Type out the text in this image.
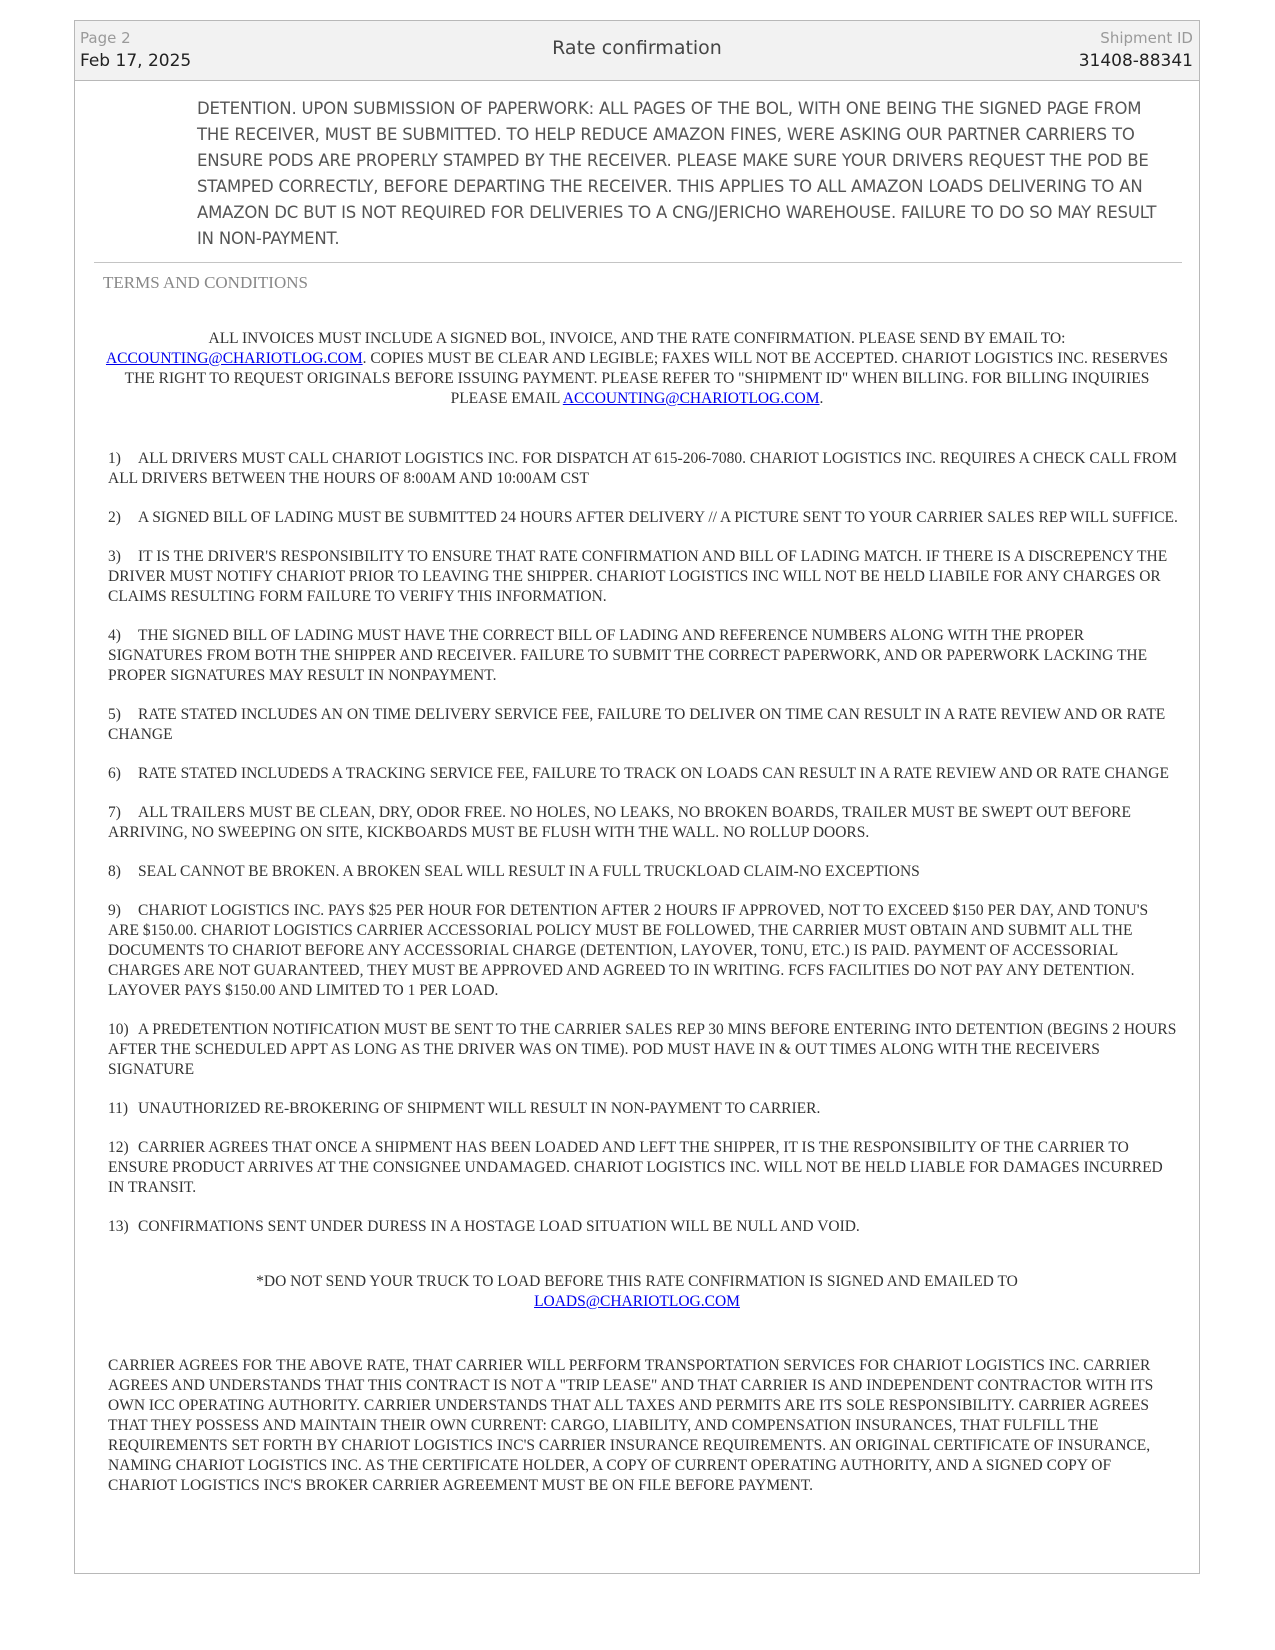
Page 2
Feb 17, 2025
Rate confirmation	Shipment ID
31408-88341
DETENTION. UPON SUBMISSION OF PAPERWORK: ALL PAGES OF THE BOL, WITH ONE BEING THE SIGNED PAGE FROM THE RECEIVER, MUST BE SUBMITTED. TO HELP REDUCE AMAZON FINES, WERE ASKING OUR PARTNER CARRIERS TO ENSURE PODS ARE PROPERLY STAMPED BY THE RECEIVER. PLEASE MAKE SURE YOUR DRIVERS REQUEST THE POD BE STAMPED CORRECTLY, BEFORE DEPARTING THE RECEIVER. THIS APPLIES TO ALL AMAZON LOADS DELIVERING TO AN AMAZON DC BUT IS NOT REQUIRED FOR DELIVERIES TO A CNG/JERICHO WAREHOUSE. FAILURE TO DO SO MAY RESULT IN NON-PAYMENT.
TERMS AND CONDITIONS
ALL INVOICES MUST INCLUDE A SIGNED BOL, INVOICE, AND THE RATE CONFIRMATION. PLEASE SEND BY EMAIL TO: ACCOUNTING@CHARIOTLOG.COM. COPIES MUST BE CLEAR AND LEGIBLE; FAXES WILL NOT BE ACCEPTED. CHARIOT LOGISTICS INC. RESERVES THE RIGHT TO REQUEST ORIGINALS BEFORE ISSUING PAYMENT. PLEASE REFER TO "SHIPMENT ID" WHEN BILLING. FOR BILLING INQUIRIES PLEASE EMAIL ACCOUNTING@CHARIOTLOG.COM.
1) ALL DRIVERS MUST CALL CHARIOT LOGISTICS INC. FOR DISPATCH AT 615-206-7080. CHARIOT LOGISTICS INC. REQUIRES A CHECK CALL FROM ALL DRIVERS BETWEEN THE HOURS OF 8:00AM AND 10:00AM CST
2) A SIGNED BILL OF LADING MUST BE SUBMITTED 24 HOURS AFTER DELIVERY // A PICTURE SENT TO YOUR CARRIER SALES REP WILL SUFFICE.
3) IT IS THE DRIVER'S RESPONSIBILITY TO ENSURE THAT RATE CONFIRMATION AND BILL OF LADING MATCH. IF THERE IS A DISCREPENCY THE DRIVER MUST NOTIFY CHARIOT PRIOR TO LEAVING THE SHIPPER. CHARIOT LOGISTICS INC WILL NOT BE HELD LIABILE FOR ANY CHARGES OR CLAIMS RESULTING FORM FAILURE TO VERIFY THIS INFORMATION.
4) THE SIGNED BILL OF LADING MUST HAVE THE CORRECT BILL OF LADING AND REFERENCE NUMBERS ALONG WITH THE PROPER SIGNATURES FROM BOTH THE SHIPPER AND RECEIVER. FAILURE TO SUBMIT THE CORRECT PAPERWORK, AND OR PAPERWORK LACKING THE PROPER SIGNATURES MAY RESULT IN NONPAYMENT.
5) RATE STATED INCLUDES AN ON TIME DELIVERY SERVICE FEE, FAILURE TO DELIVER ON TIME CAN RESULT IN A RATE REVIEW AND OR RATE CHANGE
6) RATE STATED INCLUDEDS A TRACKING SERVICE FEE, FAILURE TO TRACK ON LOADS CAN RESULT IN A RATE REVIEW AND OR RATE CHANGE
7) ALL TRAILERS MUST BE CLEAN, DRY, ODOR FREE. NO HOLES, NO LEAKS, NO BROKEN BOARDS, TRAILER MUST BE SWEPT OUT BEFORE ARRIVING, NO SWEEPING ON SITE, KICKBOARDS MUST BE FLUSH WITH THE WALL. NO ROLLUP DOORS.
8) SEAL CANNOT BE BROKEN. A BROKEN SEAL WILL RESULT IN A FULL TRUCKLOAD CLAIM-NO EXCEPTIONS
9) CHARIOT LOGISTICS INC. PAYS $25 PER HOUR FOR DETENTION AFTER 2 HOURS IF APPROVED, NOT TO EXCEED $150 PER DAY, AND TONU'S ARE $150.00. CHARIOT LOGISTICS CARRIER ACCESSORIAL POLICY MUST BE FOLLOWED, THE CARRIER MUST OBTAIN AND SUBMIT ALL THE DOCUMENTS TO CHARIOT BEFORE ANY ACCESSORIAL CHARGE (DETENTION, LAYOVER, TONU, ETC.) IS PAID. PAYMENT OF ACCESSORIAL CHARGES ARE NOT GUARANTEED, THEY MUST BE APPROVED AND AGREED TO IN WRITING. FCFS FACILITIES DO NOT PAY ANY DETENTION. LAYOVER PAYS $150.00 AND LIMITED TO 1 PER LOAD.
10) A PREDETENTION NOTIFICATION MUST BE SENT TO THE CARRIER SALES REP 30 MINS BEFORE ENTERING INTO DETENTION (BEGINS 2 HOURS AFTER THE SCHEDULED APPT AS LONG AS THE DRIVER WAS ON TIME). POD MUST HAVE IN & OUT TIMES ALONG WITH THE RECEIVERS SIGNATURE
11) UNAUTHORIZED RE-BROKERING OF SHIPMENT WILL RESULT IN NON-PAYMENT TO CARRIER.
12) CARRIER AGREES THAT ONCE A SHIPMENT HAS BEEN LOADED AND LEFT THE SHIPPER, IT IS THE RESPONSIBILITY OF THE CARRIER TO ENSURE PRODUCT ARRIVES AT THE CONSIGNEE UNDAMAGED. CHARIOT LOGISTICS INC. WILL NOT BE HELD LIABLE FOR DAMAGES INCURRED IN TRANSIT.
13) CONFIRMATIONS SENT UNDER DURESS IN A HOSTAGE LOAD SITUATION WILL BE NULL AND VOID.
*DO NOT SEND YOUR TRUCK TO LOAD BEFORE THIS RATE CONFIRMATION IS SIGNED AND EMAILED TO
LOADS@CHARIOTLOG.COM
CARRIER AGREES FOR THE ABOVE RATE, THAT CARRIER WILL PERFORM TRANSPORTATION SERVICES FOR CHARIOT LOGISTICS INC. CARRIER AGREES AND UNDERSTANDS THAT THIS CONTRACT IS NOT A "TRIP LEASE" AND THAT CARRIER IS AND INDEPENDENT CONTRACTOR WITH ITS OWN ICC OPERATING AUTHORITY. CARRIER UNDERSTANDS THAT ALL TAXES AND PERMITS ARE ITS SOLE RESPONSIBILITY. CARRIER AGREES THAT THEY POSSESS AND MAINTAIN THEIR OWN CURRENT: CARGO, LIABILITY, AND COMPENSATION INSURANCES, THAT FULFILL THE REQUIREMENTS SET FORTH BY CHARIOT LOGISTICS INC'S CARRIER INSURANCE REQUIREMENTS. AN ORIGINAL CERTIFICATE OF INSURANCE, NAMING CHARIOT LOGISTICS INC. AS THE CERTIFICATE HOLDER, A COPY OF CURRENT OPERATING AUTHORITY, AND A SIGNED COPY OF CHARIOT LOGISTICS INC'S BROKER CARRIER AGREEMENT MUST BE ON FILE BEFORE PAYMENT.
